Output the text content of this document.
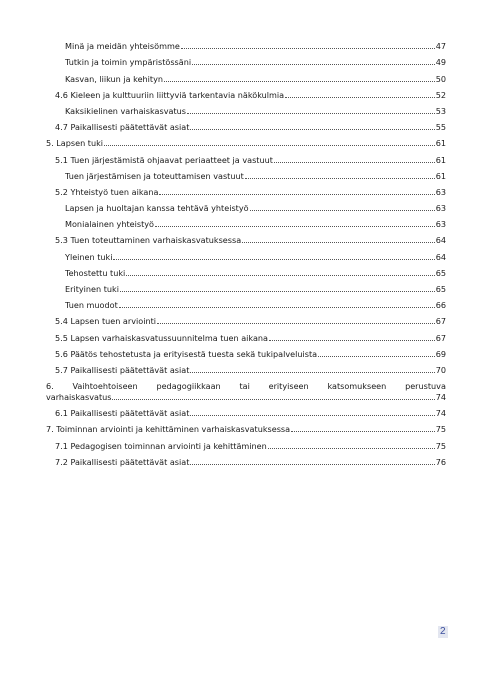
Minä ja meidän yhteisömme	47
Tutkin ja toimin ympäristössäni	49
Kasvan, liikun ja kehityn	50
4.6 Kieleen ja kulttuuriin liittyviä tarkentavia näkökulmia	52
Kaksikielinen varhaiskasvatus	53
4.7 Paikallisesti päätettävät asiat	55
5. Lapsen tuki	61
5.1 Tuen järjestämistä ohjaavat periaatteet ja vastuut	61
Tuen järjestämisen ja toteuttamisen vastuut	61
5.2 Yhteistyö tuen aikana	63
Lapsen ja huoltajan kanssa tehtävä yhteistyö	63
Monialainen yhteistyö	63
5.3 Tuen toteuttaminen varhaiskasvatuksessa	64
Yleinen tuki	64
Tehostettu tuki	65
Erityinen tuki	65
Tuen muodot	66
5.4 Lapsen tuen arviointi	67
5.5 Lapsen varhaiskasvatussuunnitelma tuen aikana	67
5.6 Päätös tehostetusta ja erityisestä tuesta sekä tukipalveluista	69
5.7 Paikallisesti päätettävät asiat	70
6. Vaihtoehtoiseen pedagogiikkaan tai erityiseen katsomukseen perustuva
varhaiskasvatus	74
6.1 Paikallisesti päätettävät asiat	74
7. Toiminnan arviointi ja kehittäminen varhaiskasvatuksessa	75
7.1 Pedagogisen toiminnan arviointi ja kehittäminen	75
7.2 Paikallisesti päätettävät asiat	76
2
